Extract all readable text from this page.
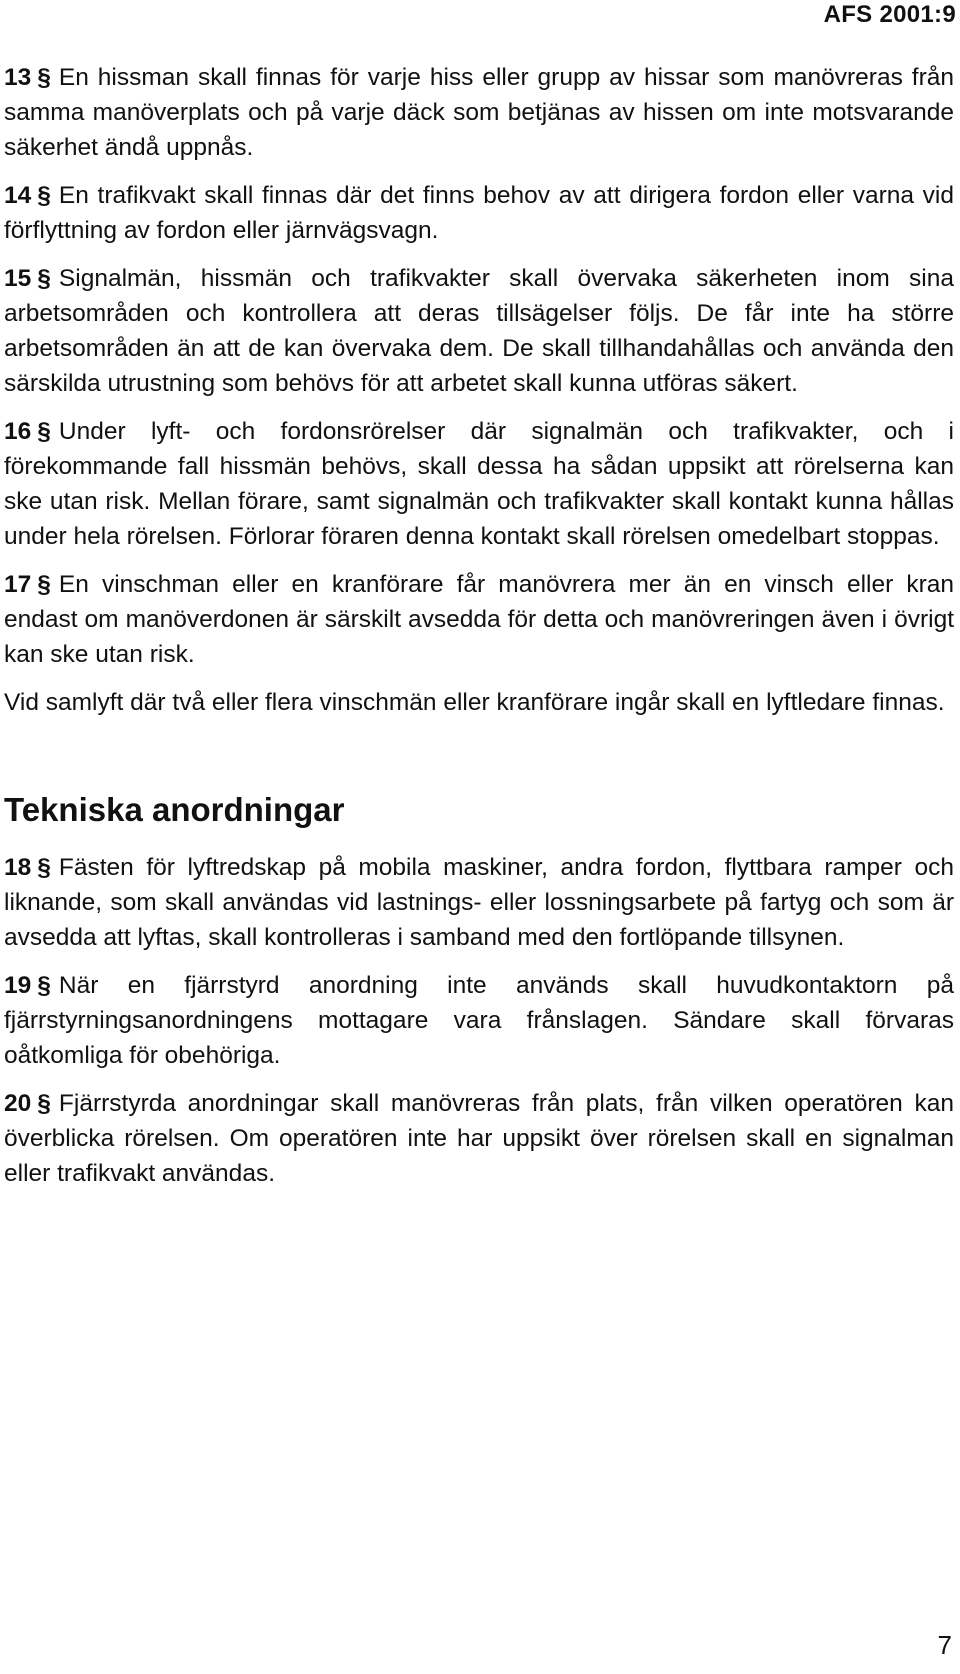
AFS 2001:9

13 § En hissman skall finnas för varje hiss eller grupp av hissar som manövreras från samma manöverplats och på varje däck som betjänas av hissen om inte motsvarande säkerhet ändå uppnås.

14 § En trafikvakt skall finnas där det finns behov av att dirigera fordon eller varna vid förflyttning av fordon eller järnvägsvagn.

15 § Signalmän, hissmän och trafikvakter skall övervaka säkerheten inom sina arbetsområden och kontrollera att deras tillsägelser följs. De får inte ha större arbetsområden än att de kan övervaka dem. De skall tillhandahållas och använda den särskilda utrustning som behövs för att arbetet skall kunna utföras säkert.

16 § Under lyft- och fordonsrörelser där signalmän och trafikvakter, och i förekommande fall hissmän behövs, skall dessa ha sådan uppsikt att rörelserna kan ske utan risk. Mellan förare, samt signalmän och trafikvakter skall kontakt kunna hållas under hela rörelsen. Förlorar föraren denna kontakt skall rörelsen omedelbart stoppas.

17 § En vinschman eller en kranförare får manövrera mer än en vinsch eller kran endast om manöverdonen är särskilt avsedda för detta och manövreringen även i övrigt kan ske utan risk.

Vid samlyft där två eller flera vinschmän eller kranförare ingår skall en lyftledare finnas.

Tekniska anordningar

18 § Fästen för lyftredskap på mobila maskiner, andra fordon, flyttbara ramper och liknande, som skall användas vid lastnings- eller lossningsarbete på fartyg och som är avsedda att lyftas, skall kontrolleras i samband med den fortlöpande tillsynen.

19 § När en fjärrstyrd anordning inte används skall huvudkontaktorn på fjärrstyrningsanordningens mottagare vara frånslagen. Sändare skall förvaras oåtkomliga för obehöriga.

20 § Fjärrstyrda anordningar skall manövreras från plats, från vilken operatören kan överblicka rörelsen. Om operatören inte har uppsikt över rörelsen skall en signalman eller trafikvakt användas.

7
